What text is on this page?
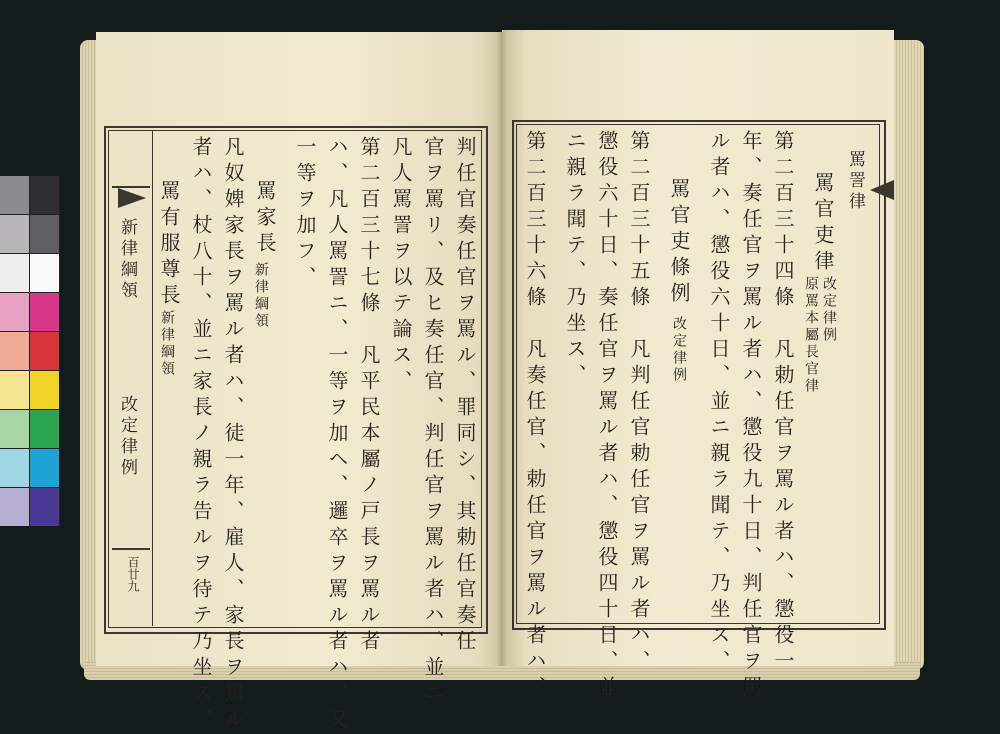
新律綱領
改定律例
百廿九	判任官奏任官ヲ罵ル、罪同シ、其勅任官奏任
官ヲ罵リ、及ヒ奏任官、判任官ヲ罵ル者ハ、並ニ
凡人罵詈ヲ以テ論ス、
第二百三十七條　凡平民本屬ノ戸長ヲ罵ル者
ハ、凡人罵詈ニ、一等ヲ加ヘ、邏卒ヲ罵ル者ハ、又
一等ヲ加フ、
罵家長
新律綱領
凡奴婢家長ヲ罵ル者ハ、徒一年、雇人、家長ヲ罵ル
者ハ、杖八十、並ニ家長ノ親ラ告ルヲ待テ乃坐ス、
罵有服尊長
新律綱領
罵詈律
罵官吏律
改定律例
原罵本屬長官律
第二百三十四條　凡勅任官ヲ罵ル者ハ、懲役一
年、奏任官ヲ罵ル者ハ、懲役九十日、判任官ヲ罵
ル者ハ、懲役六十日、並ニ親ラ聞テ、乃坐ス、
罵官吏條例
改定律例
第二百三十五條　凡判任官勅任官ヲ罵ル者ハ、
懲役六十日、奏任官ヲ罵ル者ハ、懲役四十日、並
ニ親ラ聞テ、乃坐ス、
第二百三十六條　凡奏任官、勅任官ヲ罵ル者ハ、
